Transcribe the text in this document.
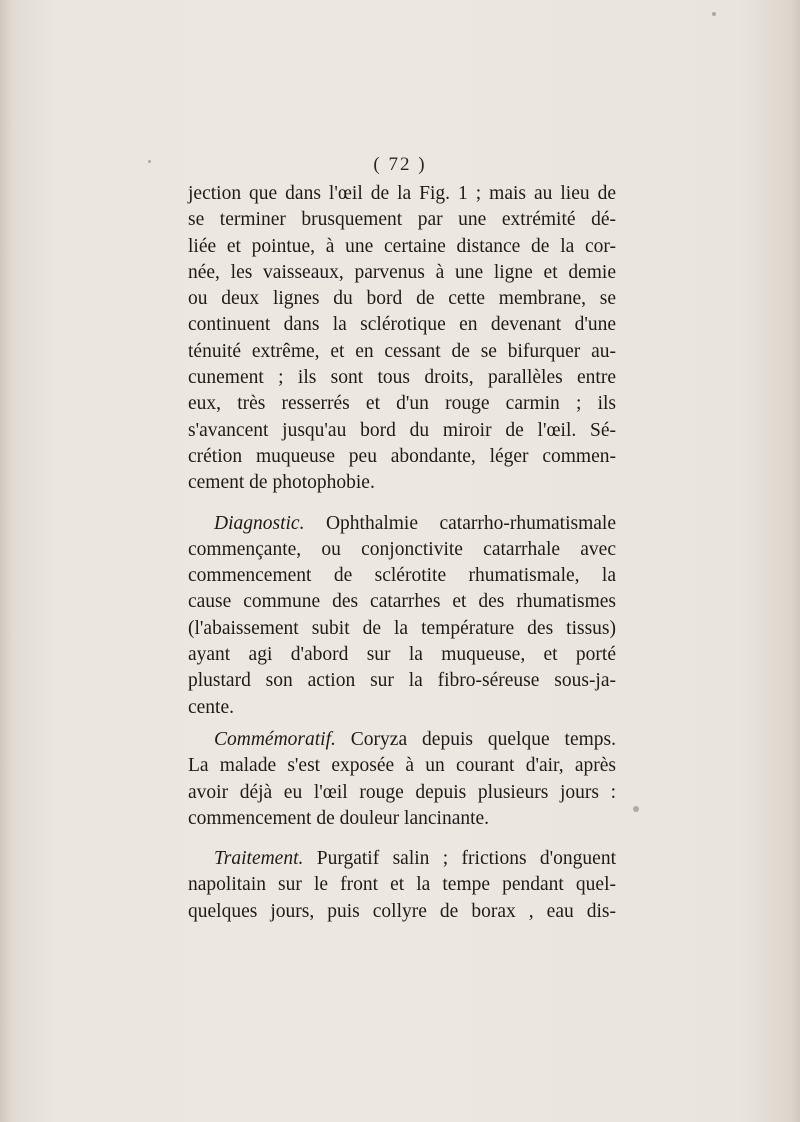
( 72 )
jection que dans l'œil de la Fig. 1 ; mais au lieu de
se terminer brusquement par une extrémité dé-
liée et pointue, à une certaine distance de la cor-
née, les vaisseaux, parvenus à une ligne et demie
ou deux lignes du bord de cette membrane, se
continuent dans la sclérotique en devenant d'une
ténuité extrême, et en cessant de se bifurquer au-
cunement ; ils sont tous droits, parallèles entre
eux, très resserrés et d'un rouge carmin ; ils
s'avancent jusqu'au bord du miroir de l'œil. Sé-
crétion muqueuse peu abondante, léger commen-
cement de photophobie.
Diagnostic. Ophthalmie catarrho-rhumatismale
commençante, ou conjonctivite catarrhale avec
commencement de sclérotite rhumatismale, la
cause commune des catarrhes et des rhumatismes
(l'abaissement subit de la température des tissus)
ayant agi d'abord sur la muqueuse, et porté
plustard son action sur la fibro-séreuse sous-ja-
cente.
Commémoratif. Coryza depuis quelque temps.
La malade s'est exposée à un courant d'air, après
avoir déjà eu l'œil rouge depuis plusieurs jours :
commencement de douleur lancinante.
Traitement. Purgatif salin ; frictions d'onguent
napolitain sur le front et la tempe pendant quel-
quelques jours, puis collyre de borax , eau dis-
